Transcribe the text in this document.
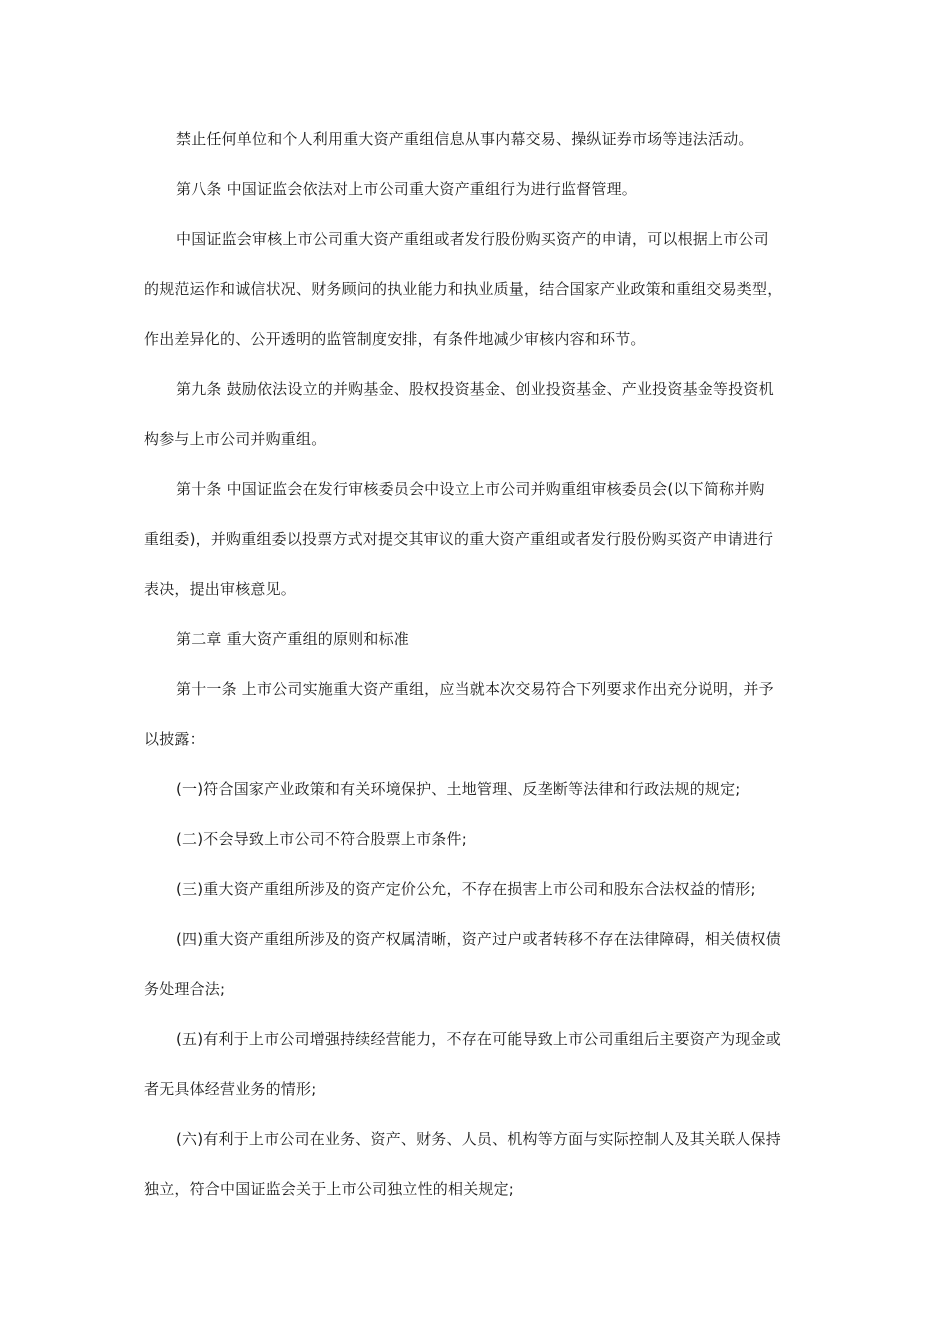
禁止任何单位和个人利用重大资产重组信息从事内幕交易、操纵证券市场等违法活动。
第八条 中国证监会依法对上市公司重大资产重组行为进行监督管理。
中国证监会审核上市公司重大资产重组或者发行股份购买资产的申请，可以根据上市公司
的规范运作和诚信状况、财务顾问的执业能力和执业质量，结合国家产业政策和重组交易类型，
作出差异化的、公开透明的监管制度安排，有条件地减少审核内容和环节。
第九条 鼓励依法设立的并购基金、股权投资基金、创业投资基金、产业投资基金等投资机
构参与上市公司并购重组。
第十条 中国证监会在发行审核委员会中设立上市公司并购重组审核委员会(以下简称并购
重组委)，并购重组委以投票方式对提交其审议的重大资产重组或者发行股份购买资产申请进行
表决，提出审核意见。
第二章 重大资产重组的原则和标准
第十一条 上市公司实施重大资产重组，应当就本次交易符合下列要求作出充分说明，并予
以披露：
(一)符合国家产业政策和有关环境保护、土地管理、反垄断等法律和行政法规的规定;
(二)不会导致上市公司不符合股票上市条件;
(三)重大资产重组所涉及的资产定价公允，不存在损害上市公司和股东合法权益的情形;
(四)重大资产重组所涉及的资产权属清晰，资产过户或者转移不存在法律障碍，相关债权债
务处理合法;
(五)有利于上市公司增强持续经营能力，不存在可能导致上市公司重组后主要资产为现金或
者无具体经营业务的情形;
(六)有利于上市公司在业务、资产、财务、人员、机构等方面与实际控制人及其关联人保持
独立，符合中国证监会关于上市公司独立性的相关规定;
